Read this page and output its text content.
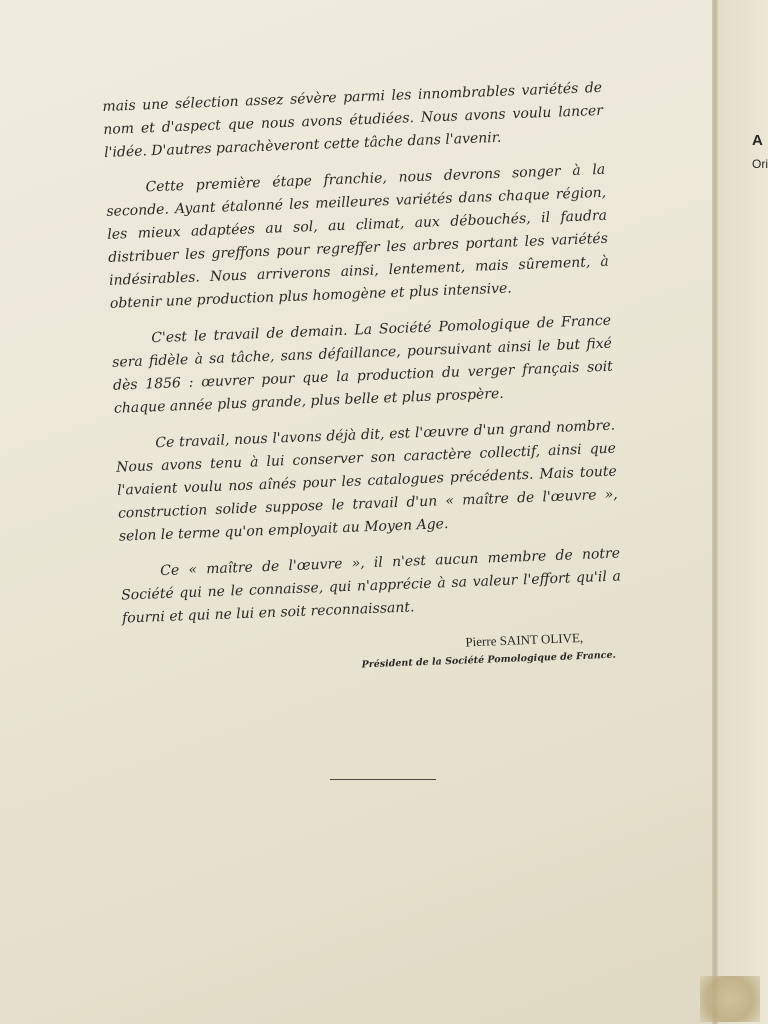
mais une sélection assez sévère parmi les innombrables variétés de nom et d'aspect que nous avons étudiées. Nous avons voulu lancer l'idée. D'autres parachèveront cette tâche dans l'avenir.

Cette première étape franchie, nous devrons songer à la seconde. Ayant étalonné les meilleures variétés dans chaque région, les mieux adaptées au sol, au climat, aux débouchés, il faudra distribuer les greffons pour regreffer les arbres portant les variétés indésirables. Nous arriverons ainsi, lentement, mais sûrement, à obtenir une production plus homogène et plus intensive.

C'est le travail de demain. La Société Pomologique de France sera fidèle à sa tâche, sans défaillance, poursuivant ainsi le but fixé dès 1856 : œuvrer pour que la production du verger français soit chaque année plus grande, plus belle et plus prospère.

Ce travail, nous l'avons déjà dit, est l'œuvre d'un grand nombre. Nous avons tenu à lui conserver son caractère collectif, ainsi que l'avaient voulu nos aînés pour les catalogues précédents. Mais toute construction solide suppose le travail d'un « maître de l'œuvre », selon le terme qu'on employait au Moyen Age.

Ce « maître de l'œuvre », il n'est aucun membre de notre Société qui ne le connaisse, qui n'apprécie à sa valeur l'effort qu'il a fourni et qui ne lui en soit reconnaissant.

Pierre SAINT OLIVE,
Président de la Société Pomologique de France.
A
Ori
